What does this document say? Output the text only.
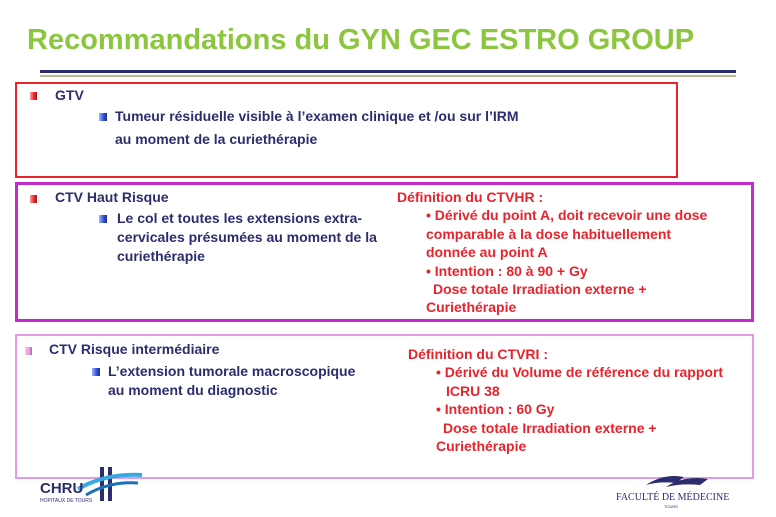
Recommandations du GYN GEC ESTRO GROUP
GTV
Tumeur résiduelle visible à l’examen clinique et /ou sur l’IRM
au moment de la curiethérapie
CTV Haut Risque
Le col et toutes les extensions extra-
cervicales présumées au moment de la
curiethérapie
Définition du CTVHR :
• Dérivé du point A, doit recevoir une dose
comparable à la dose habituellement
donnée au point A
• Intention : 80 à 90 + Gy
Dose totale Irradiation externe +
Curiethérapie
CTV Risque intermédiaire
L’extension tumorale macroscopique
au moment du diagnostic
Définition du CTVRI :
• Dérivé du Volume de référence du rapport
ICRU 38
• Intention : 60 Gy
Dose totale Irradiation externe +
Curiethérapie
CHRU
HOPITAUX DE TOURS	FACULTÉ DE MÉDECINE
TOURS
